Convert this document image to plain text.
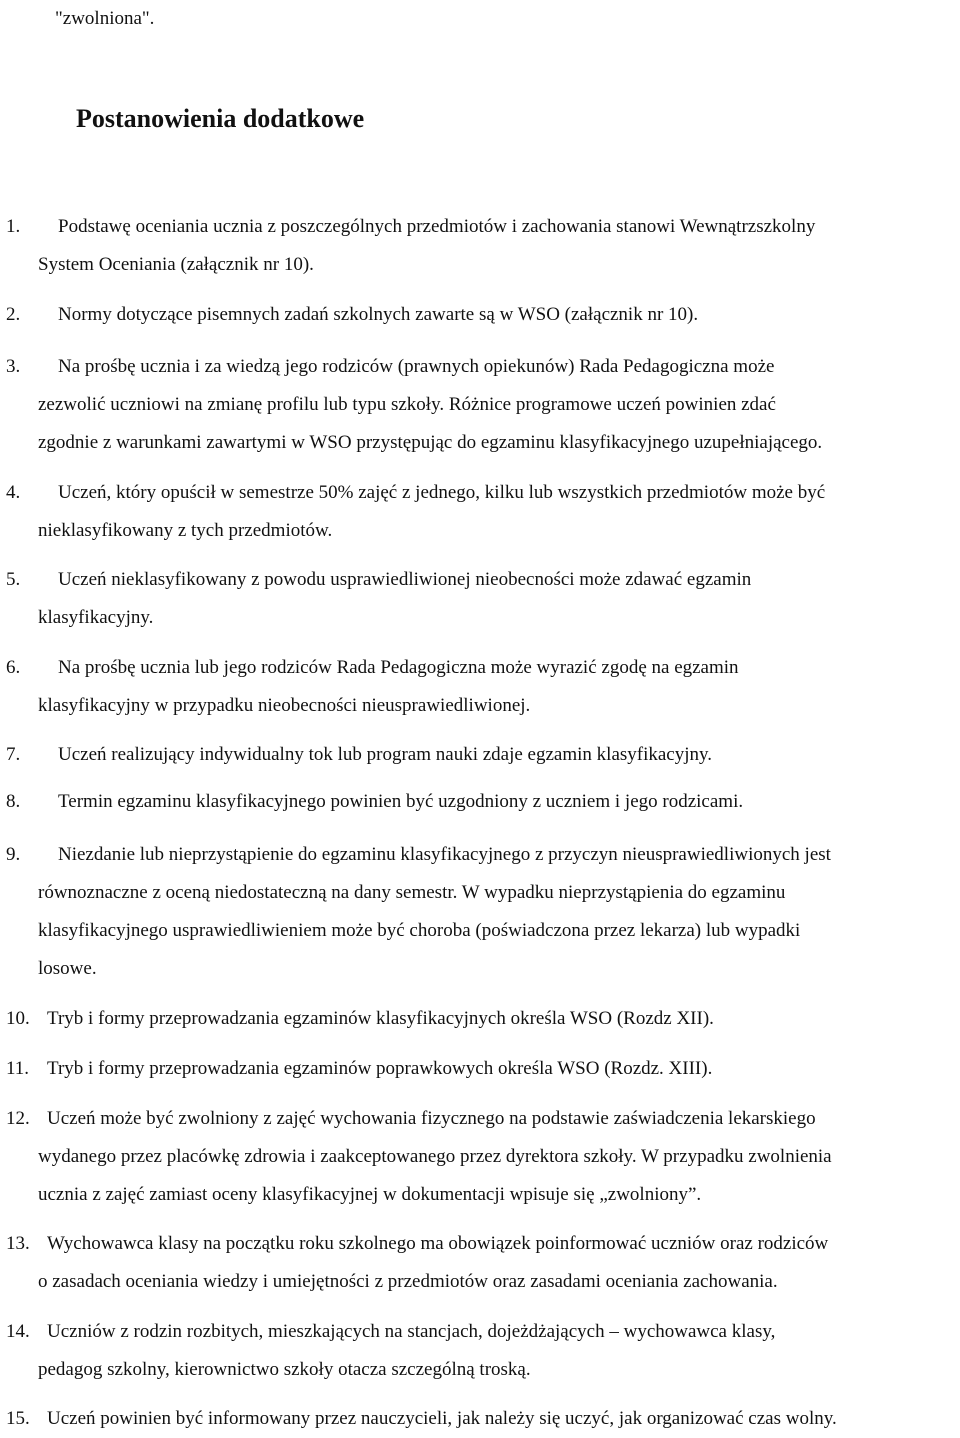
"zwolniona".
Postanowienia dodatkowe
1. Podstawę oceniania ucznia z poszczególnych przedmiotów i zachowania stanowi Wewnątrzszkolny
System Oceniania (załącznik nr 10).
2. Normy dotyczące pisemnych zadań szkolnych zawarte są w WSO (załącznik nr 10).
3. Na prośbę ucznia i za wiedzą jego rodziców (prawnych opiekunów) Rada Pedagogiczna może
zezwolić uczniowi na zmianę profilu lub typu szkoły. Różnice programowe uczeń powinien zdać
zgodnie z warunkami zawartymi w WSO przystępując do egzaminu klasyfikacyjnego uzupełniającego.
4. Uczeń, który opuścił w semestrze 50% zajęć z jednego, kilku lub wszystkich przedmiotów może być
nieklasyfikowany z tych przedmiotów.
5. Uczeń nieklasyfikowany z powodu usprawiedliwionej nieobecności może zdawać egzamin
klasyfikacyjny.
6. Na prośbę ucznia lub jego rodziców Rada Pedagogiczna może wyrazić zgodę na egzamin
klasyfikacyjny w przypadku nieobecności nieusprawiedliwionej.
7. Uczeń realizujący indywidualny tok lub program nauki zdaje egzamin klasyfikacyjny.
8. Termin egzaminu klasyfikacyjnego powinien być uzgodniony z uczniem i jego rodzicami.
9. Niezdanie lub nieprzystąpienie do egzaminu klasyfikacyjnego z przyczyn nieusprawiedliwionych jest
równoznaczne z oceną niedostateczną na dany semestr. W wypadku nieprzystąpienia do egzaminu
klasyfikacyjnego usprawiedliwieniem może być choroba (poświadczona przez lekarza) lub wypadki
losowe.
10. Tryb i formy przeprowadzania egzaminów klasyfikacyjnych określa WSO (Rozdz XII).
11. Tryb i formy przeprowadzania egzaminów poprawkowych określa WSO (Rozdz. XIII).
12. Uczeń może być zwolniony z zajęć wychowania fizycznego na podstawie zaświadczenia lekarskiego
wydanego przez placówkę zdrowia i zaakceptowanego przez dyrektora szkoły. W przypadku zwolnienia
ucznia z zajęć zamiast oceny klasyfikacyjnej w dokumentacji wpisuje się „zwolniony”.
13. Wychowawca klasy na początku roku szkolnego ma obowiązek poinformować uczniów oraz rodziców
o zasadach oceniania wiedzy i umiejętności z przedmiotów oraz zasadami oceniania zachowania.
14. Uczniów z rodzin rozbitych, mieszkających na stancjach, dojeżdżających – wychowawca klasy,
pedagog szkolny, kierownictwo szkoły otacza szczególną troską.
15. Uczeń powinien być informowany przez nauczycieli, jak należy się uczyć, jak organizować czas wolny.
